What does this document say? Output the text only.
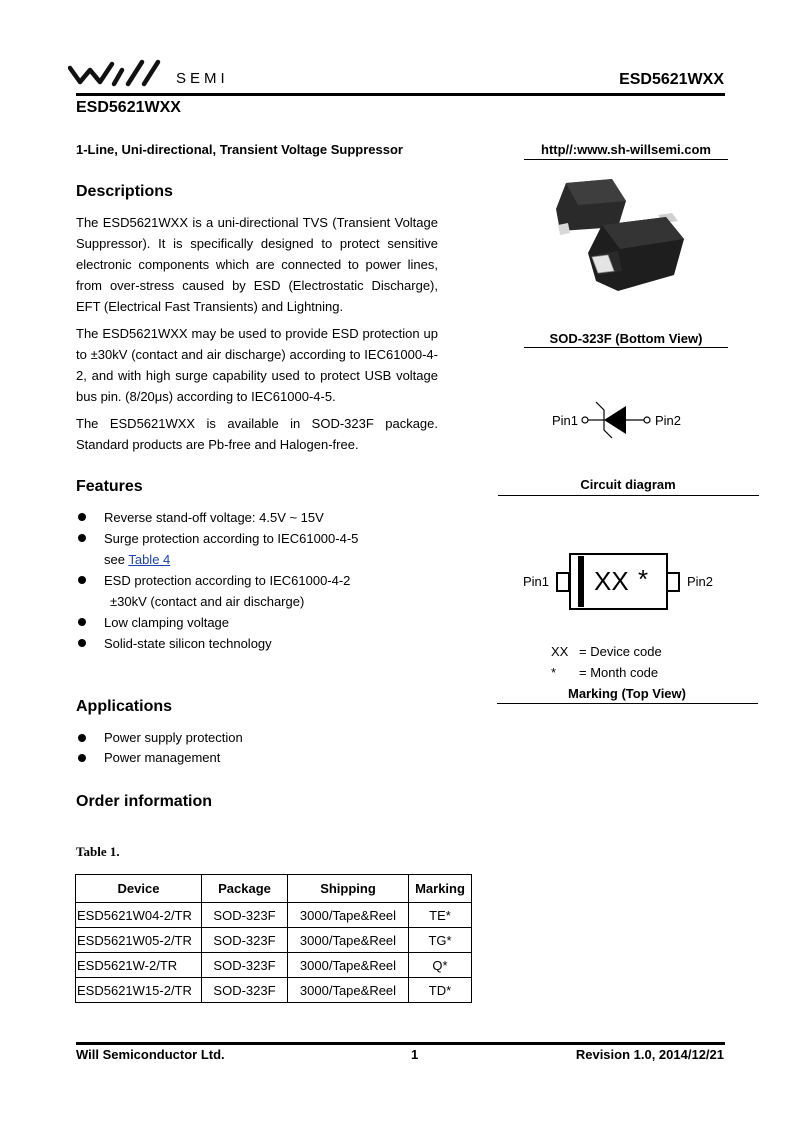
SEMI	ESD5621WXX
ESD5621WXX
1-Line, Uni-directional, Transient Voltage Suppressor	http//:www.sh-willsemi.com
Descriptions
The ESD5621WXX is a uni-directional TVS (Transient Voltage Suppressor). It is specifically designed to protect sensitive electronic components which are connected to power lines, from over-stress caused by ESD (Electrostatic Discharge), EFT (Electrical Fast Transients) and Lightning.
The ESD5621WXX may be used to provide ESD protection up to ±30kV (contact and air discharge) according to IEC61000-4-2, and with high surge capability used to protect USB voltage bus pin. (8/20μs) according to IEC61000-4-5.
The ESD5621WXX is available in SOD-323F package. Standard products are Pb-free and Halogen-free.
Features
Reverse stand-off voltage: 4.5V ~ 15V
Surge protection according to IEC61000-4-5
see Table 4
ESD protection according to IEC61000-4-2
±30kV (contact and air discharge)
Low clamping voltage
Solid-state silicon technology
Applications
Power supply protection
Power management
Order information
Table 1.
Device	Package	Shipping	Marking
ESD5621W04-2/TR	SOD-323F	3000/Tape&Reel	TE*
ESD5621W05-2/TR	SOD-323F	3000/Tape&Reel	TG*
ESD5621W-2/TR	SOD-323F	3000/Tape&Reel	Q*
ESD5621W15-2/TR	SOD-323F	3000/Tape&Reel	TD*
SOD-323F (Bottom View)
Pin1	Pin2
Circuit diagram
Pin1	Pin2
XX *
XX = Device code
* = Month code
Marking (Top View)
Will Semiconductor Ltd.	1	Revision 1.0, 2014/12/21
